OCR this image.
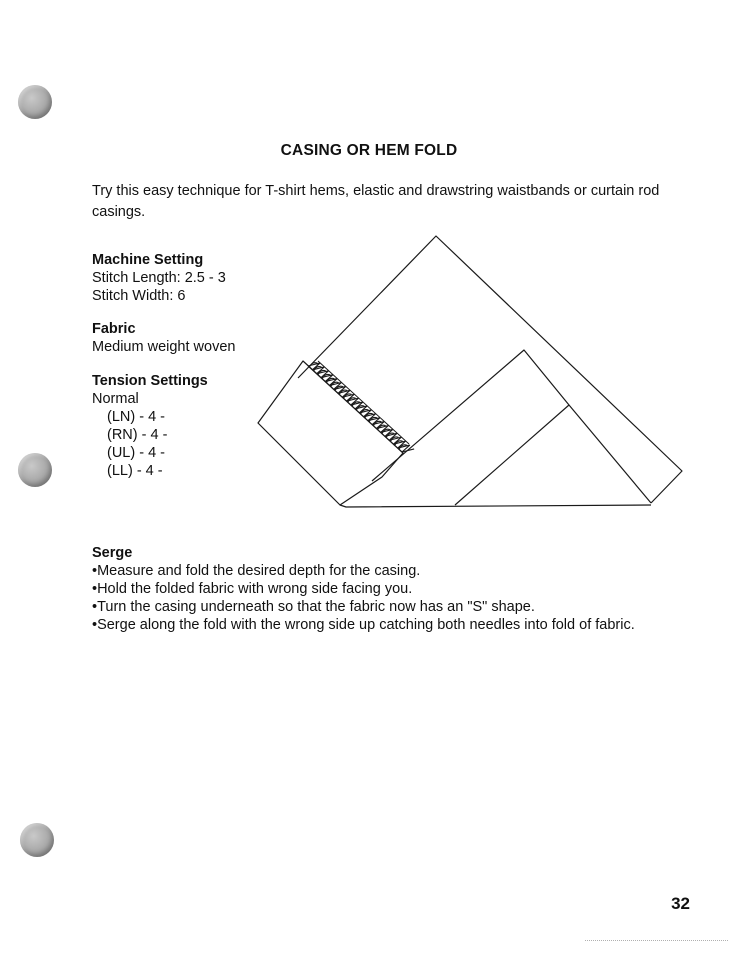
CASING OR HEM FOLD
Try this easy technique for T-shirt hems, elastic and drawstring waistbands or curtain rod casings.
Machine Setting
Stitch Length: 2.5 - 3
Stitch Width: 6
Fabric
Medium weight woven
Tension Settings
Normal
(LN) - 4 -
(RN) - 4 -
(UL) - 4 -
(LL) - 4 -
Serge
•Measure and fold the desired depth for the casing.
•Hold the folded fabric with wrong side facing you.
•Turn the casing underneath so that the fabric now has an "S" shape.
•Serge along the fold with the wrong side up catching both needles into fold of fabric.
32
